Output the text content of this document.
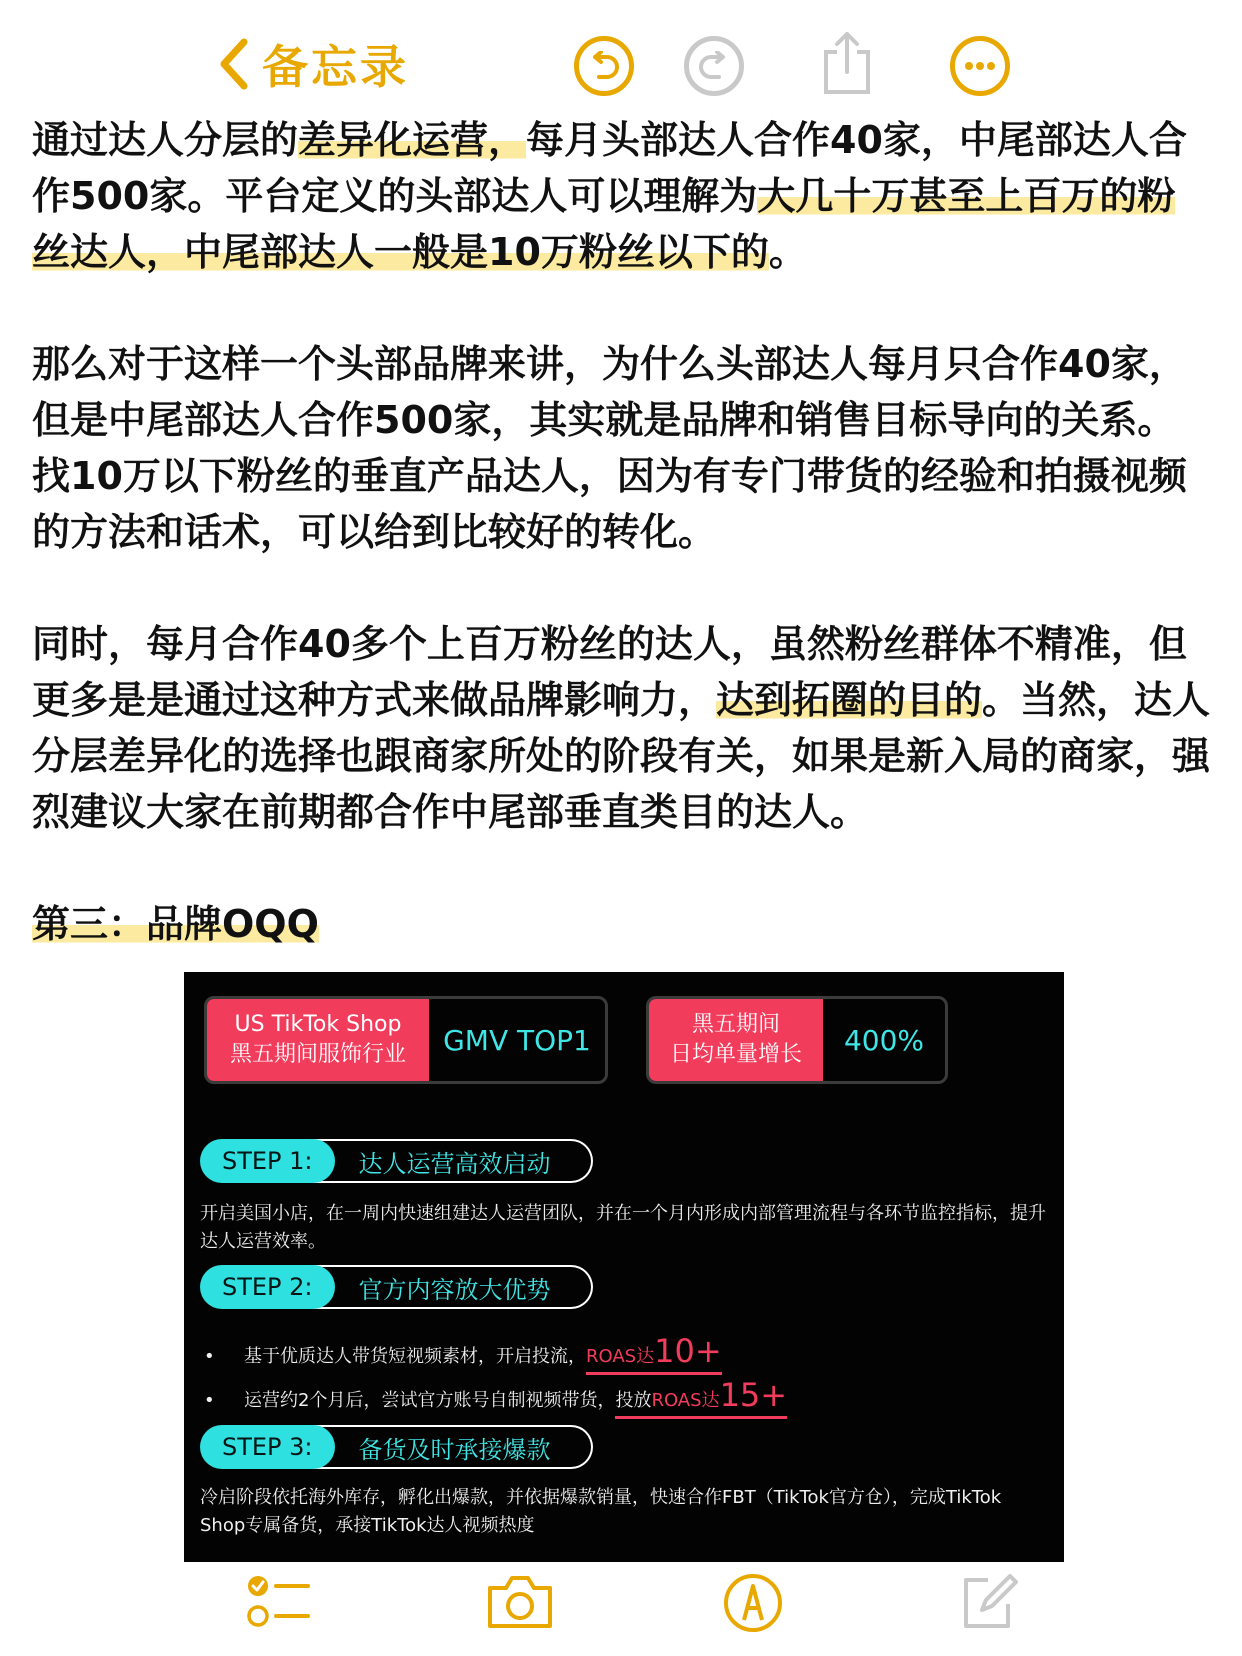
备忘录

通过达人分层的差异化运营，每月头部达人合作40家，中尾部达人合作500家。平台定义的头部达人可以理解为大几十万甚至上百万的粉丝达人，中尾部达人一般是10万粉丝以下的。

那么对于这样一个头部品牌来讲，为什么头部达人每月只合作40家，但是中尾部达人合作500家，其实就是品牌和销售目标导向的关系。找10万以下粉丝的垂直产品达人，因为有专门带货的经验和拍摄视频的方法和话术，可以给到比较好的转化。

同时，每月合作40多个上百万粉丝的达人，虽然粉丝群体不精准，但更多是是通过这种方式来做品牌影响力，达到拓圈的目的。当然，达人分层差异化的选择也跟商家所处的阶段有关，如果是新入局的商家，强烈建议大家在前期都合作中尾部垂直类目的达人。

第三：品牌OQQ

US TikTok Shop
黑五期间服饰行业	GMV TOP1	黑五期间
日均单量增长	400%
STEP 1:	达人运营高效启动
开启美国小店，在一周内快速组建达人运营团队，并在一个月内形成内部管理流程与各环节监控指标，提升达人运营效率。
STEP 2:	官方内容放大优势
•	基于优质达人带货短视频素材，开启投流， ROAS达10+
•	运营约2个月后，尝试官方账号自制视频带货， 投放ROAS达15+
STEP 3:	备货及时承接爆款
冷启阶段依托海外库存，孵化出爆款，并依据爆款销量，快速合作FBT（TikTok官方仓），完成TikTok Shop专属备货，承接TikTok达人视频热度
